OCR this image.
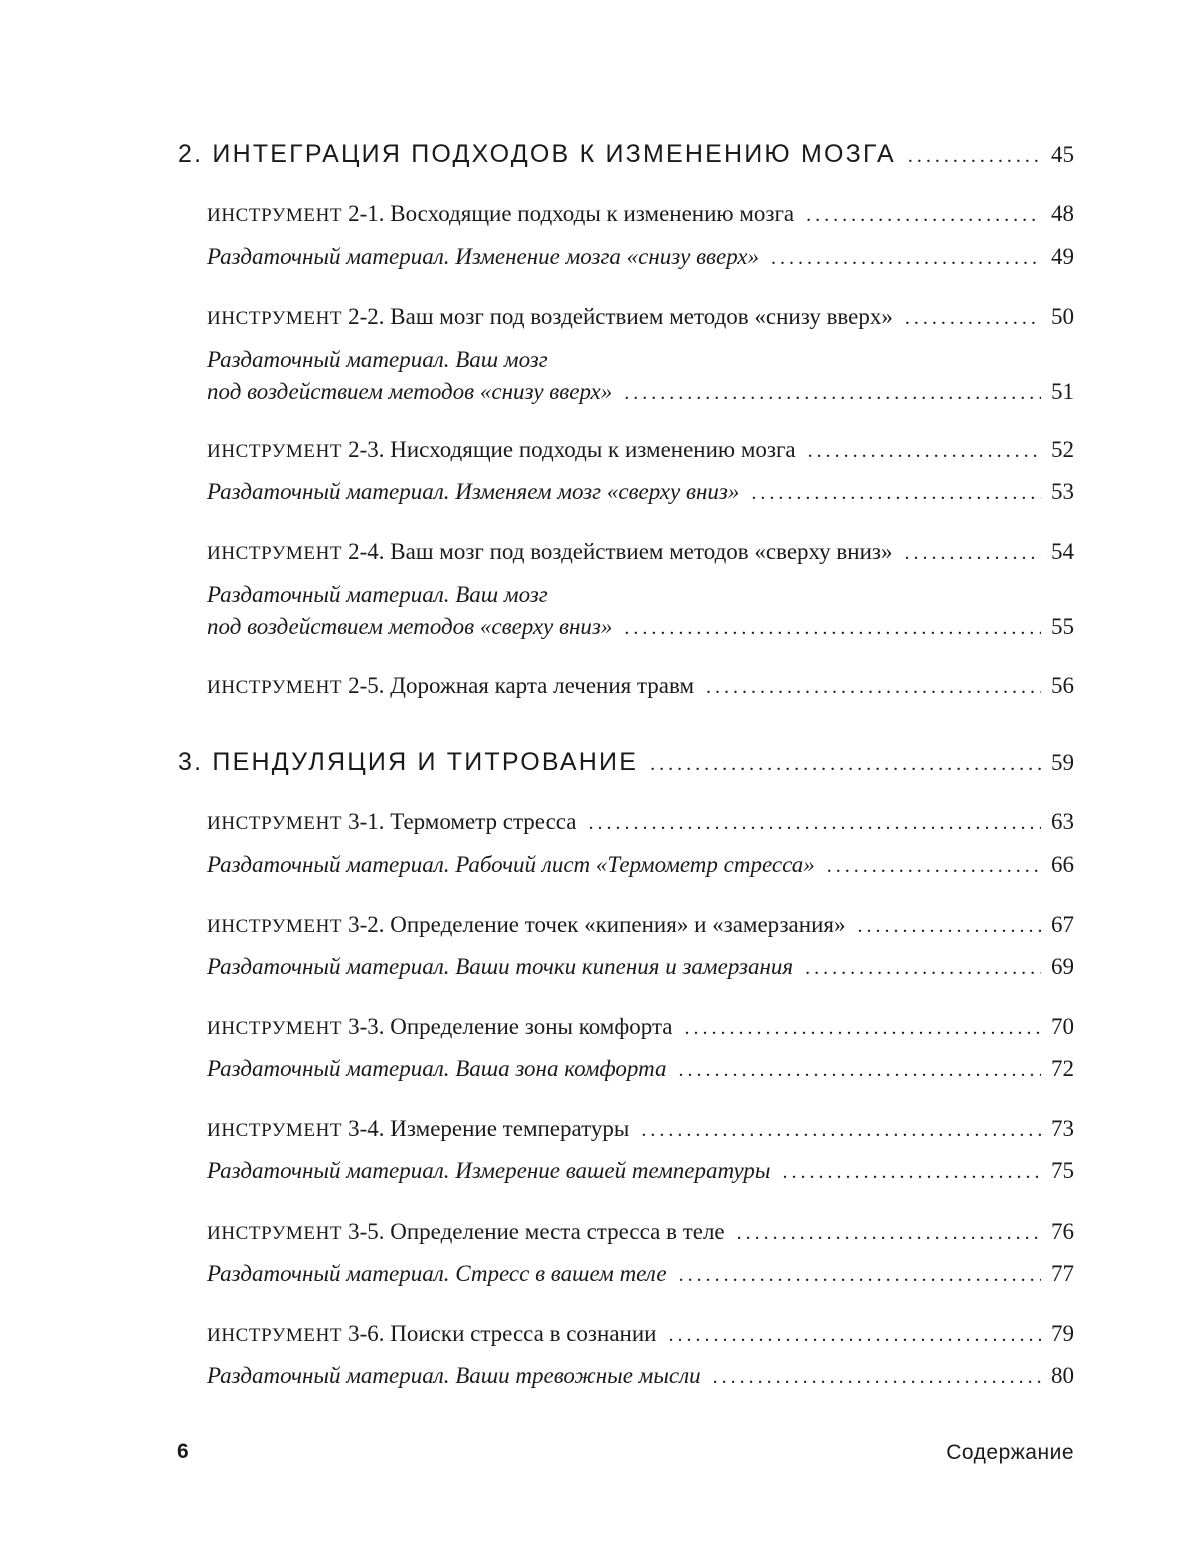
2. ИНТЕГРАЦИЯ ПОДХОДОВ К ИЗМЕНЕНИЮ МОЗГА . . .	45
ИНСТРУМЕНТ 2-1. Восходящие подходы к изменению мозга . . .	48
Раздаточный материал. Изменение мозга «снизу вверх» . . .	49
ИНСТРУМЕНТ 2-2. Ваш мозг под воздействием методов «снизу вверх» . . .	50
Раздаточный материал. Ваш мозг
под воздействием методов «снизу вверх» . . .	51
ИНСТРУМЕНТ 2-3. Нисходящие подходы к изменению мозга . . .	52
Раздаточный материал. Изменяем мозг «сверху вниз» . . .	53
ИНСТРУМЕНТ 2-4. Ваш мозг под воздействием методов «сверху вниз» . . .	54
Раздаточный материал. Ваш мозг
под воздействием методов «сверху вниз» . . .	55
ИНСТРУМЕНТ 2-5. Дорожная карта лечения травм . . .	56
3. ПЕНДУЛЯЦИЯ И ТИТРОВАНИЕ . . .	59
ИНСТРУМЕНТ 3-1. Термометр стресса . . .	63
Раздаточный материал. Рабочий лист «Термометр стресса» . . .	66
ИНСТРУМЕНТ 3-2. Определение точек «кипения» и «замерзания» . . .	67
Раздаточный материал. Ваши точки кипения и замерзания . . .	69
ИНСТРУМЕНТ 3-3. Определение зоны комфорта . . .	70
Раздаточный материал. Ваша зона комфорта . . .	72
ИНСТРУМЕНТ 3-4. Измерение температуры . . .	73
Раздаточный материал. Измерение вашей температуры . . .	75
ИНСТРУМЕНТ 3-5. Определение места стресса в теле . . .	76
Раздаточный материал. Стресс в вашем теле . . .	77
ИНСТРУМЕНТ 3-6. Поиски стресса в сознании . . .	79
Раздаточный материал. Ваши тревожные мысли . . .	80
6	Содержание
